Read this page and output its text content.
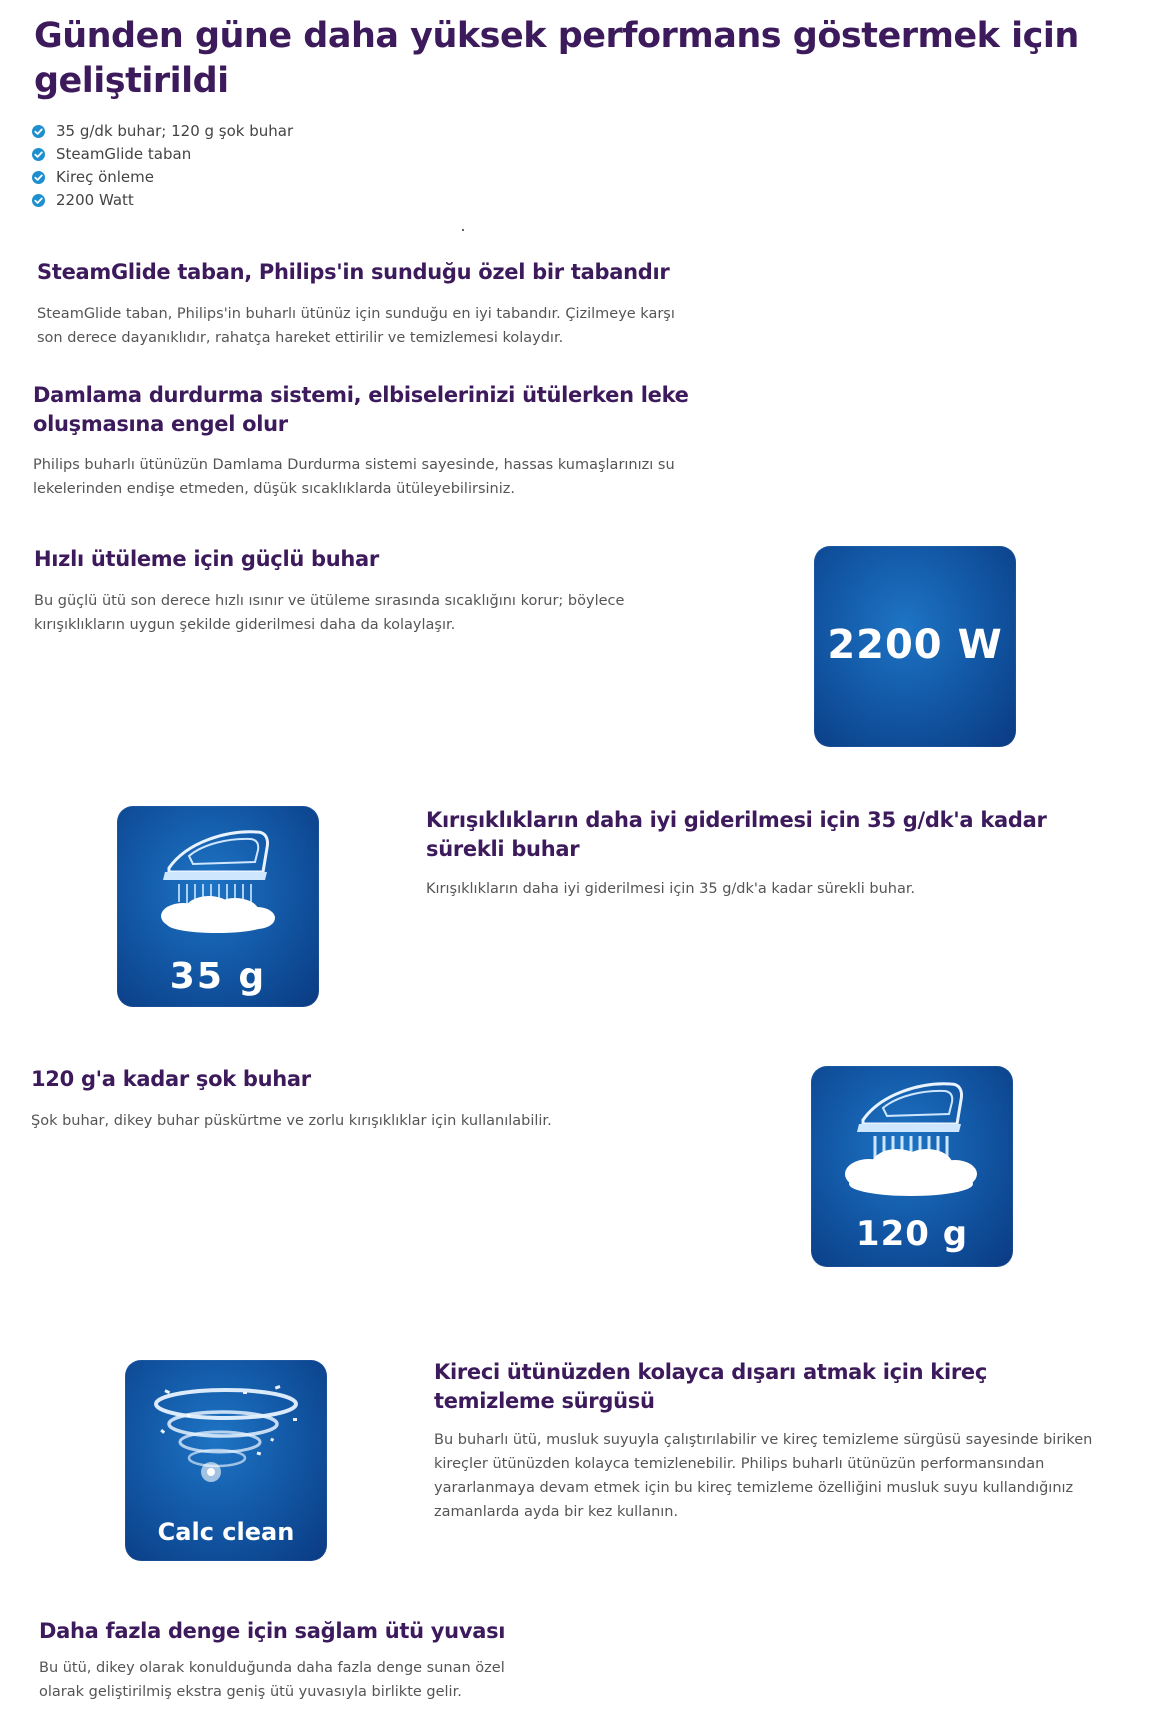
Günden güne daha yüksek performans göstermek için geliştirildi
35 g/dk buhar; 120 g şok buhar
SteamGlide taban
Kireç önleme
2200 Watt
SteamGlide taban, Philips'in sunduğu özel bir tabandır

SteamGlide taban, Philips'in buharlı ütünüz için sunduğu en iyi tabandır. Çizilmeye karşı son derece dayanıklıdır, rahatça hareket ettirilir ve temizlemesi kolaydır.

Damlama durdurma sistemi, elbiselerinizi ütülerken leke oluşmasına engel olur

Philips buharlı ütünüzün Damlama Durdurma sistemi sayesinde, hassas kumaşlarınızı su lekelerinden endişe etmeden, düşük sıcaklıklarda ütüleyebilirsiniz.

Hızlı ütüleme için güçlü buhar

Bu güçlü ütü son derece hızlı ısınır ve ütüleme sırasında sıcaklığını korur; böylece kırışıklıkların uygun şekilde giderilmesi daha da kolaylaşır.	2200 W
35 g
Kırışıklıkların daha iyi giderilmesi için 35 g/dk'a kadar sürekli buhar

Kırışıklıkların daha iyi giderilmesi için 35 g/dk'a kadar sürekli buhar.

120 g'a kadar şok buhar

Şok buhar, dikey buhar püskürtme ve zorlu kırışıklıklar için kullanılabilir.

120 g
Calc clean
Kireci ütünüzden kolayca dışarı atmak için kireç temizleme sürgüsü

Bu buharlı ütü, musluk suyuyla çalıştırılabilir ve kireç temizleme sürgüsü sayesinde biriken kireçler ütünüzden kolayca temizlenebilir. Philips buharlı ütünüzün performansından yararlanmaya devam etmek için bu kireç temizleme özelliğini musluk suyu kullandığınız zamanlarda ayda bir kez kullanın.

Daha fazla denge için sağlam ütü yuvası

Bu ütü, dikey olarak konulduğunda daha fazla denge sunan özel olarak geliştirilmiş ekstra geniş ütü yuvasıyla birlikte gelir.
